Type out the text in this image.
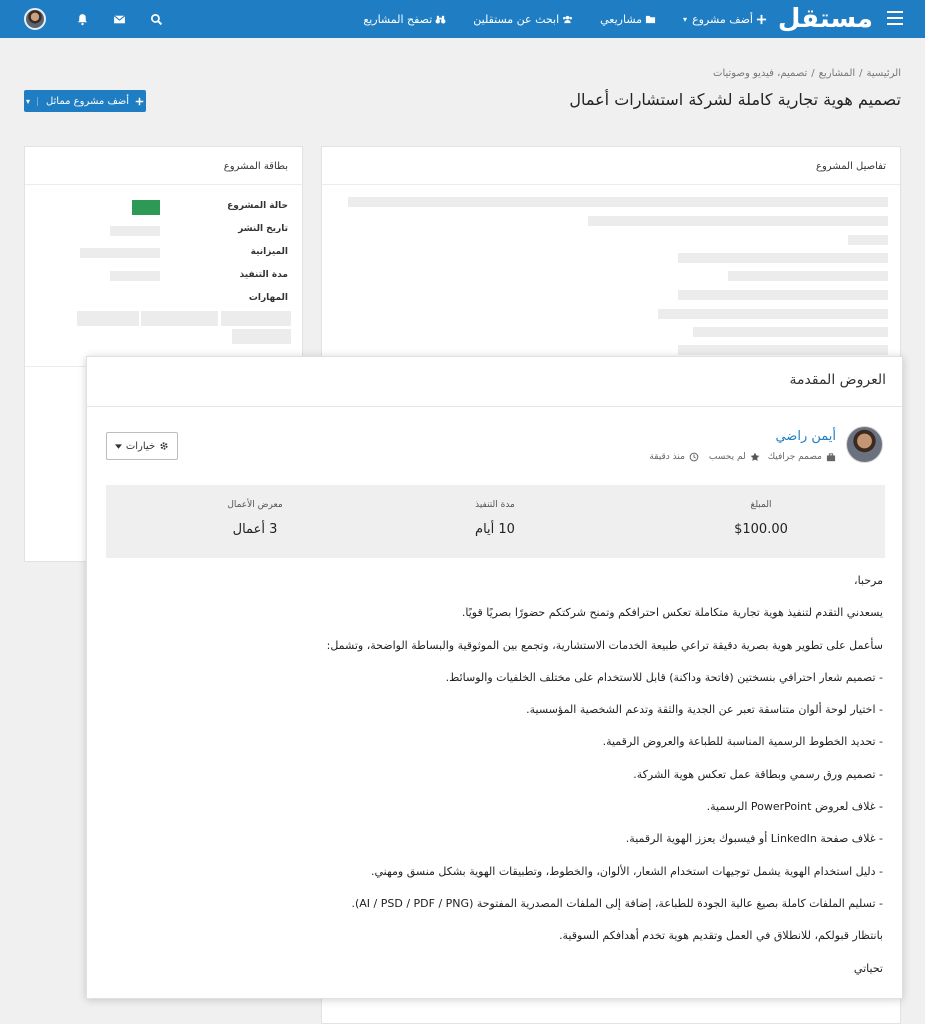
مستقل
أضف مشروع
▾
مشاريعي
ابحث عن مستقلين
تصفح المشاريع
الرئيسية/المشاريع/تصميم، فيديو وصوتيات
تصميم هوية تجارية كاملة لشركة استشارات أعمال
أضف مشروع مماثل
▾
تفاصيل المشروع
بطاقة المشروع
حالة المشروع
تاريخ النشر
الميزانية
مدة التنفيذ
المهارات
العروض المقدمة
أيمن راضي
مصمم جرافيك
لم يحسب
منذ دقيقة
خيارات
المبلغ
$100.00
مدة التنفيذ
10 أيام
معرض الأعمال
3 أعمال
مرحبا،
يسعدني التقدم لتنفيذ هوية تجارية متكاملة تعكس احترافكم وتمنح شركتكم حضورًا بصريًا قويًا.
سأعمل على تطوير هوية بصرية دقيقة تراعي طبيعة الخدمات الاستشارية، وتجمع بين الموثوقية والبساطة الواضحة، وتشمل:
- تصميم شعار احترافي بنسختين (فاتحة وداكنة) قابل للاستخدام على مختلف الخلفيات والوسائط.
- اختيار لوحة ألوان متناسقة تعبر عن الجدية والثقة وتدعم الشخصية المؤسسية.
- تحديد الخطوط الرسمية المناسبة للطباعة والعروض الرقمية.
- تصميم ورق رسمي وبطاقة عمل تعكس هوية الشركة.
- غلاف لعروض PowerPoint الرسمية.
- غلاف صفحة LinkedIn أو فيسبوك يعزز الهوية الرقمية.
- دليل استخدام الهوية يشمل توجيهات استخدام الشعار، الألوان، والخطوط، وتطبيقات الهوية بشكل منسق ومهني.
- تسليم الملفات كاملة بصيغ عالية الجودة للطباعة، إضافة إلى الملفات المصدرية المفتوحة (AI / PSD / PDF / PNG).
بانتظار قبولكم، للانطلاق في العمل وتقديم هوية تخدم أهدافكم السوقية.
تحياتي
